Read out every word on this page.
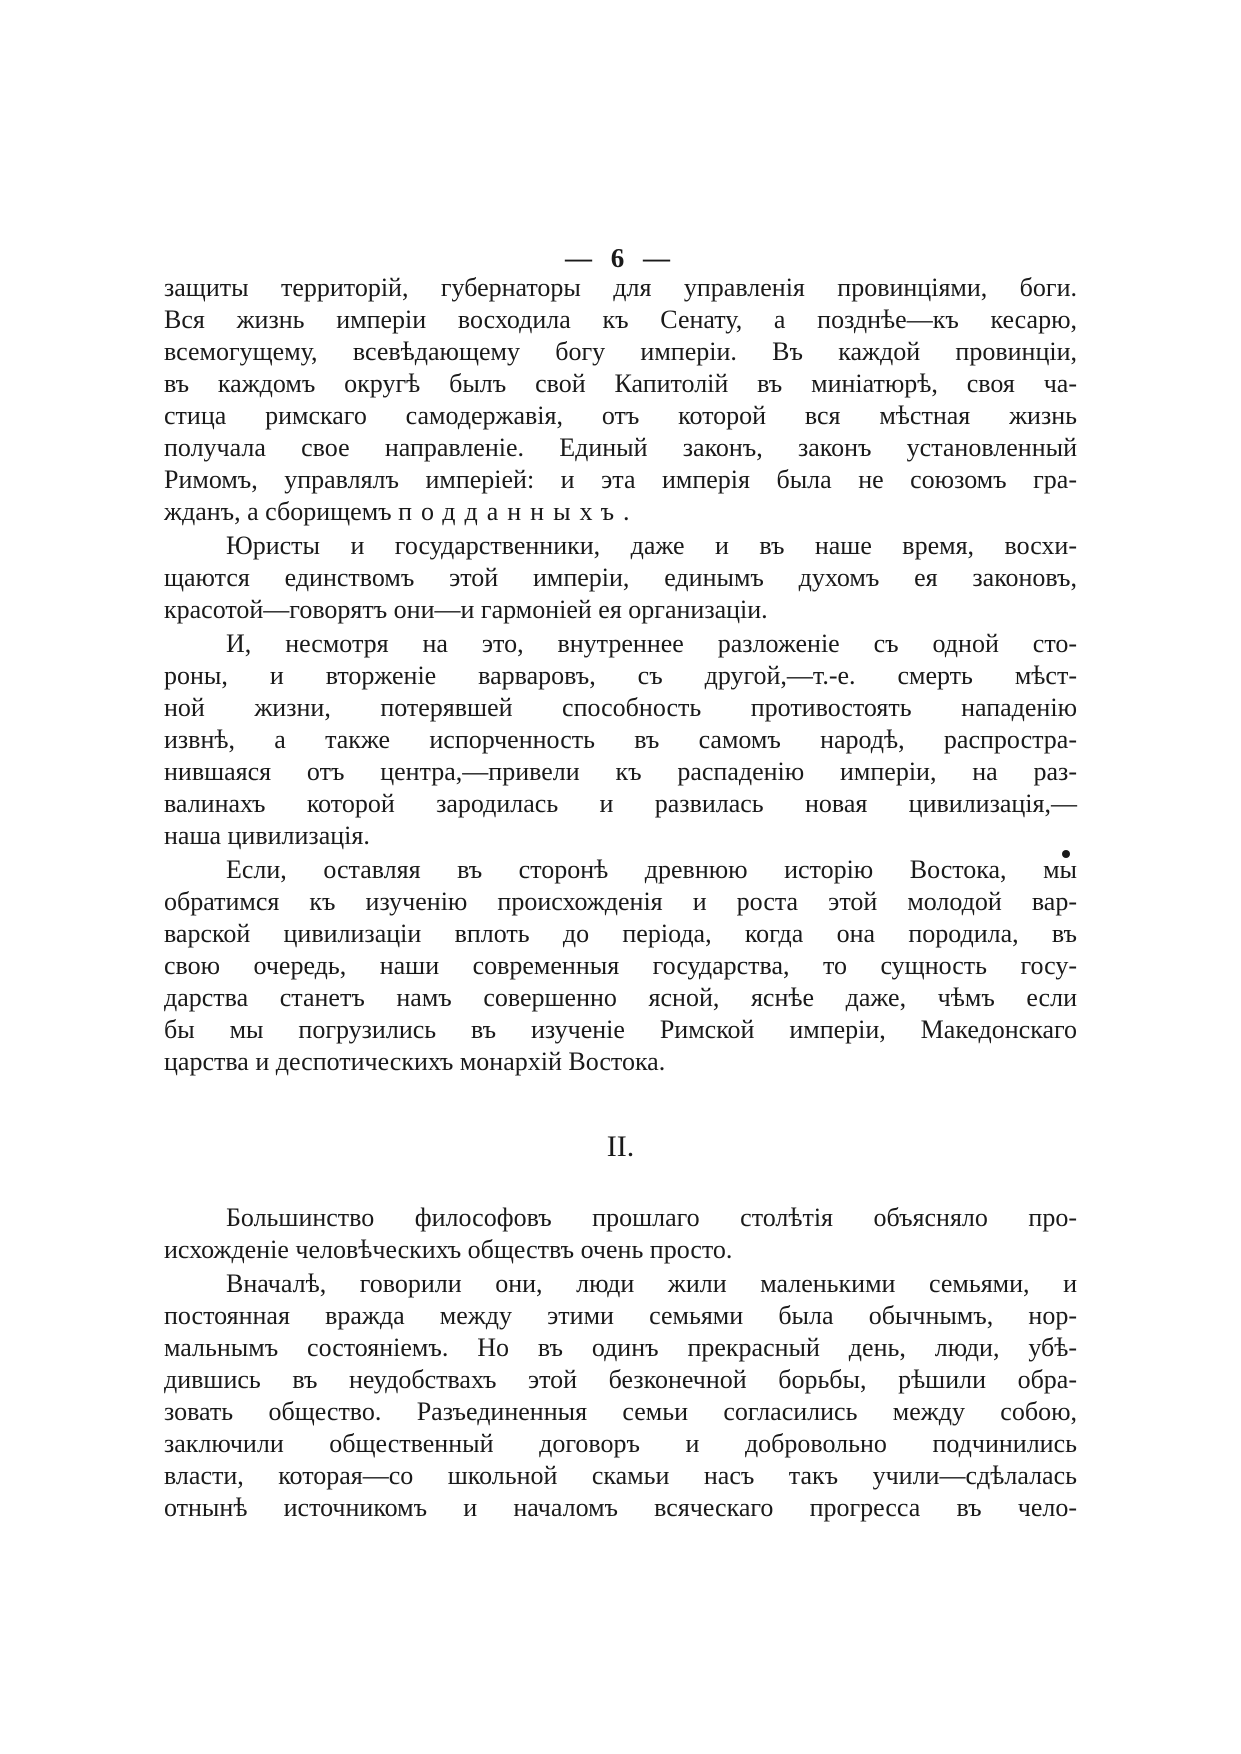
— 6 —
защиты территорій, губернаторы для управленія провинціями, боги.
Вся жизнь имперіи восходила къ Сенату, а позднѣе—къ кесарю,
всемогущему, всевѣдающему богу имперіи. Въ каждой провинціи,
въ каждомъ округѣ былъ свой Капитолій въ миніатюрѣ, своя ча-
стица римскаго самодержавія, отъ которой вся мѣстная жизнь
получала свое направленіе. Единый законъ, законъ установленный
Римомъ, управлялъ имперіей: и эта имперія была не союзомъ гра-
жданъ, а сборищемъ подданныхъ.
Юристы и государственники, даже и въ наше время, восхи-
щаются единствомъ этой имперіи, единымъ духомъ ея законовъ,
красотой—говорятъ они—и гармоніей ея организаціи.
И, несмотря на это, внутреннее разложеніе съ одной сто-
роны, и вторженіе варваровъ, съ другой,—т.-е. смерть мѣст-
ной жизни, потерявшей способность противостоять нападенію
извнѣ, а также испорченность въ самомъ народѣ, распростра-
нившаяся отъ центра,—привели къ распаденію имперіи, на раз-
валинахъ которой зародилась и развилась новая цивилизація,—
наша цивилизація.
Если, оставляя въ сторонѣ древнюю исторію Востока, мы
обратимся къ изученію происхожденія и роста этой молодой вар-
варской цивилизаціи вплоть до періода, когда она породила, въ
свою очередь, наши современныя государства, то сущность госу-
дарства станетъ намъ совершенно ясной, яснѣе даже, чѣмъ если
бы мы погрузились въ изученіе Римской имперіи, Македонскаго
царства и деспотическихъ монархій Востока.
II.
Большинство философовъ прошлаго столѣтія объясняло про-
исхожденіе человѣческихъ обществъ очень просто.
Вначалѣ, говорили они, люди жили маленькими семьями, и
постоянная вражда между этими семьями была обычнымъ, нор-
мальнымъ состояніемъ. Но въ одинъ прекрасный день, люди, убѣ-
дившись въ неудобствахъ этой безконечной борьбы, рѣшили обра-
зовать общество. Разъединенныя семьи согласились между собою,
заключили общественный договоръ и добровольно подчинились
власти, которая—со школьной скамьи насъ такъ учили—сдѣлалась
отнынѣ источникомъ и началомъ всяческаго прогресса въ чело-
